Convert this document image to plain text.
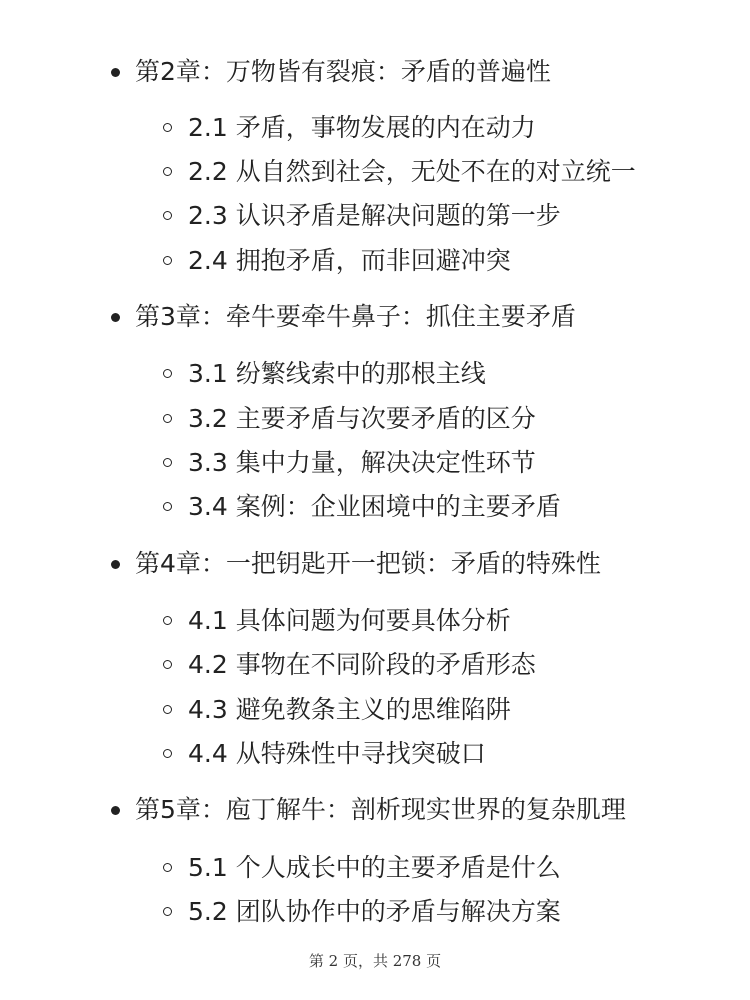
第2章：万物皆有裂痕：矛盾的普遍性
2.1 矛盾，事物发展的内在动力
2.2 从自然到社会，无处不在的对立统一
2.3 认识矛盾是解决问题的第一步
2.4 拥抱矛盾，而非回避冲突
第3章：牵牛要牵牛鼻子：抓住主要矛盾
3.1 纷繁线索中的那根主线
3.2 主要矛盾与次要矛盾的区分
3.3 集中力量，解决决定性环节
3.4 案例：企业困境中的主要矛盾
第4章：一把钥匙开一把锁：矛盾的特殊性
4.1 具体问题为何要具体分析
4.2 事物在不同阶段的矛盾形态
4.3 避免教条主义的思维陷阱
4.4 从特殊性中寻找突破口
第5章：庖丁解牛：剖析现实世界的复杂肌理
5.1 个人成长中的主要矛盾是什么
5.2 团队协作中的矛盾与解决方案
第 2 页，共 278 页
